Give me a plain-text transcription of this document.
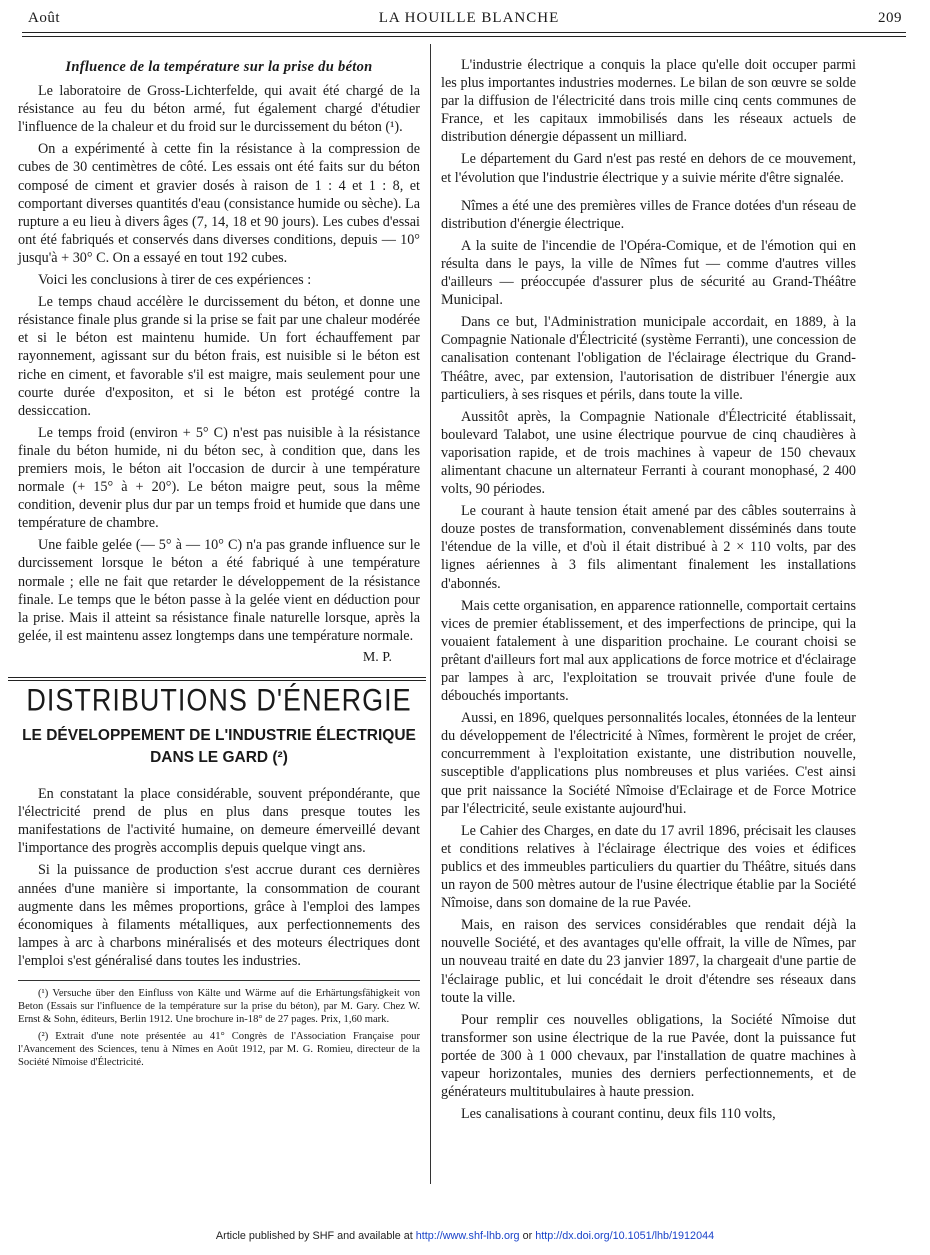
Août	LA HOUILLE BLANCHE	209
Influence de la température sur la prise du béton

Le laboratoire de Gross-Lichterfelde, qui avait été chargé de la résistance au feu du béton armé, fut également chargé d'étudier l'influence de la chaleur et du froid sur le durcissement du béton (¹).

On a expérimenté à cette fin la résistance à la compression de cubes de 30 centimètres de côté. Les essais ont été faits sur du béton composé de ciment et gravier dosés à raison de 1 : 4 et 1 : 8, et comportant diverses quantités d'eau (consistance humide ou sèche). La rupture a eu lieu à divers âges (7, 14, 18 et 90 jours). Les cubes d'essai ont été fabriqués et conservés dans diverses conditions, depuis — 10° jusqu'à + 30° C. On a essayé en tout 192 cubes.

Voici les conclusions à tirer de ces expériences :

Le temps chaud accélère le durcissement du béton, et donne une résistance finale plus grande si la prise se fait par une chaleur modérée et si le béton est maintenu humide. Un fort échauffement par rayonnement, agissant sur du béton frais, est nuisible si le béton est riche en ciment, et favorable s'il est maigre, mais seulement pour une courte durée d'expositon, et si le béton est protégé contre la dessiccation.

Le temps froid (environ + 5° C) n'est pas nuisible à la résistance finale du béton humide, ni du béton sec, à condition que, dans les premiers mois, le béton ait l'occasion de durcir à une température normale (+ 15° à + 20°). Le béton maigre peut, sous la même condition, devenir plus dur par un temps froid et humide que dans une température de chambre.

Une faible gelée (— 5° à — 10° C) n'a pas grande influence sur le durcissement lorsque le béton a été fabriqué à une température normale ; elle ne fait que retarder le développement de la résistance finale. Le temps que le béton passe à la gelée vient en déduction pour la prise. Mais il atteint sa résistance finale naturelle lorsque, après la gelée, il est maintenu assez longtemps dans une température normale.

M. P.
DISTRIBUTIONS D'ÉNERGIE
LE DÉVELOPPEMENT DE L'INDUSTRIE ÉLECTRIQUE
DANS LE GARD (²)

En constatant la place considérable, souvent prépondérante, que l'électricité prend de plus en plus dans presque toutes les manifestations de l'activité humaine, on demeure émerveillé devant l'importance des progrès accomplis depuis quelque vingt ans.

Si la puissance de production s'est accrue durant ces dernières années d'une manière si importante, la consommation de courant augmente dans les mêmes proportions, grâce à l'emploi des lampes économiques à filaments métalliques, aux perfectionnements des lampes à arc à charbons minéralisés et des moteurs électriques dont l'emploi s'est généralisé dans toutes les industries.

(¹) Versuche über den Einfluss von Kälte und Wärme auf die Erhärtungsfähigkeit von Beton (Essais sur l'influence de la température sur la prise du béton), par M. Gary. Chez W. Ernst & Sohn, éditeurs, Berlin 1912. Une brochure in-18° de 27 pages. Prix, 1,60 mark.

(²) Extrait d'une note présentée au 41° Congrès de l'Association Française pour l'Avancement des Sciences, tenu à Nîmes en Août 1912, par M. G. Romieu, directeur de la Société Nîmoise d'Électricité.

L'industrie électrique a conquis la place qu'elle doit occuper parmi les plus importantes industries modernes. Le bilan de son œuvre se solde par la diffusion de l'électricité dans trois mille cinq cents communes de France, et les capitaux immobilisés dans les réseaux actuels de distribution dénergie dépassent un milliard.

Le département du Gard n'est pas resté en dehors de ce mouvement, et l'évolution que l'industrie électrique y a suivie mérite d'être signalée.

Nîmes a été une des premières villes de France dotées d'un réseau de distribution d'énergie électrique.

A la suite de l'incendie de l'Opéra-Comique, et de l'émotion qui en résulta dans le pays, la ville de Nîmes fut — comme d'autres villes d'ailleurs — préoccupée d'assurer plus de sécurité au Grand-Théâtre Municipal.

Dans ce but, l'Administration municipale accordait, en 1889, à la Compagnie Nationale d'Électricité (système Ferranti), une concession de canalisation contenant l'obligation de l'éclairage électrique du Grand-Théâtre, avec, par extension, l'autorisation de distribuer l'énergie aux particuliers, à ses risques et périls, dans toute la ville.

Aussitôt après, la Compagnie Nationale d'Électricité établissait, boulevard Talabot, une usine électrique pourvue de cinq chaudières à vaporisation rapide, et de trois machines à vapeur de 150 chevaux alimentant chacune un alternateur Ferranti à courant monophasé, 2 400 volts, 90 périodes.

Le courant à haute tension était amené par des câbles souterrains à douze postes de transformation, convenablement disséminés dans toute l'étendue de la ville, et d'où il était distribué à 2 × 110 volts, par des lignes aériennes à 3 fils alimentant finalement les installations d'abonnés.

Mais cette organisation, en apparence rationnelle, comportait certains vices de premier établissement, et des imperfections de principe, qui la vouaient fatalement à une disparition prochaine. Le courant choisi se prêtant d'ailleurs fort mal aux applications de force motrice et d'éclairage par lampes à arc, l'exploitation se trouvait privée d'une foule de débouchés importants.

Aussi, en 1896, quelques personnalités locales, étonnées de la lenteur du développement de l'électricité à Nîmes, formèrent le projet de créer, concurremment à l'exploitation existante, une distribution nouvelle, susceptible d'applications plus nombreuses et plus variées. C'est ainsi que prit naissance la Société Nîmoise d'Eclairage et de Force Motrice par l'électricité, seule existante aujourd'hui.

Le Cahier des Charges, en date du 17 avril 1896, précisait les clauses et conditions relatives à l'éclairage électrique des voies et édifices publics et des immeubles particuliers du quartier du Théâtre, situés dans un rayon de 500 mètres autour de l'usine électrique établie par la Société Nîmoise, dans son domaine de la rue Pavée.

Mais, en raison des services considérables que rendait déjà la nouvelle Société, et des avantages qu'elle offrait, la ville de Nîmes, par un nouveau traité en date du 23 janvier 1897, la chargeait d'une partie de l'éclairage public, et lui concédait le droit d'étendre ses réseaux dans toute la ville.

Pour remplir ces nouvelles obligations, la Société Nîmoise dut transformer son usine électrique de la rue Pavée, dont la puissance fut portée de 300 à 1 000 chevaux, par l'installation de quatre machines à vapeur horizontales, munies des derniers perfectionnements, et de générateurs multitubulaires à haute pression.

Les canalisations à courant continu, deux fils 110 volts,

Article published by SHF and available at http://www.shf-lhb.org or http://dx.doi.org/10.1051/lhb/1912044
